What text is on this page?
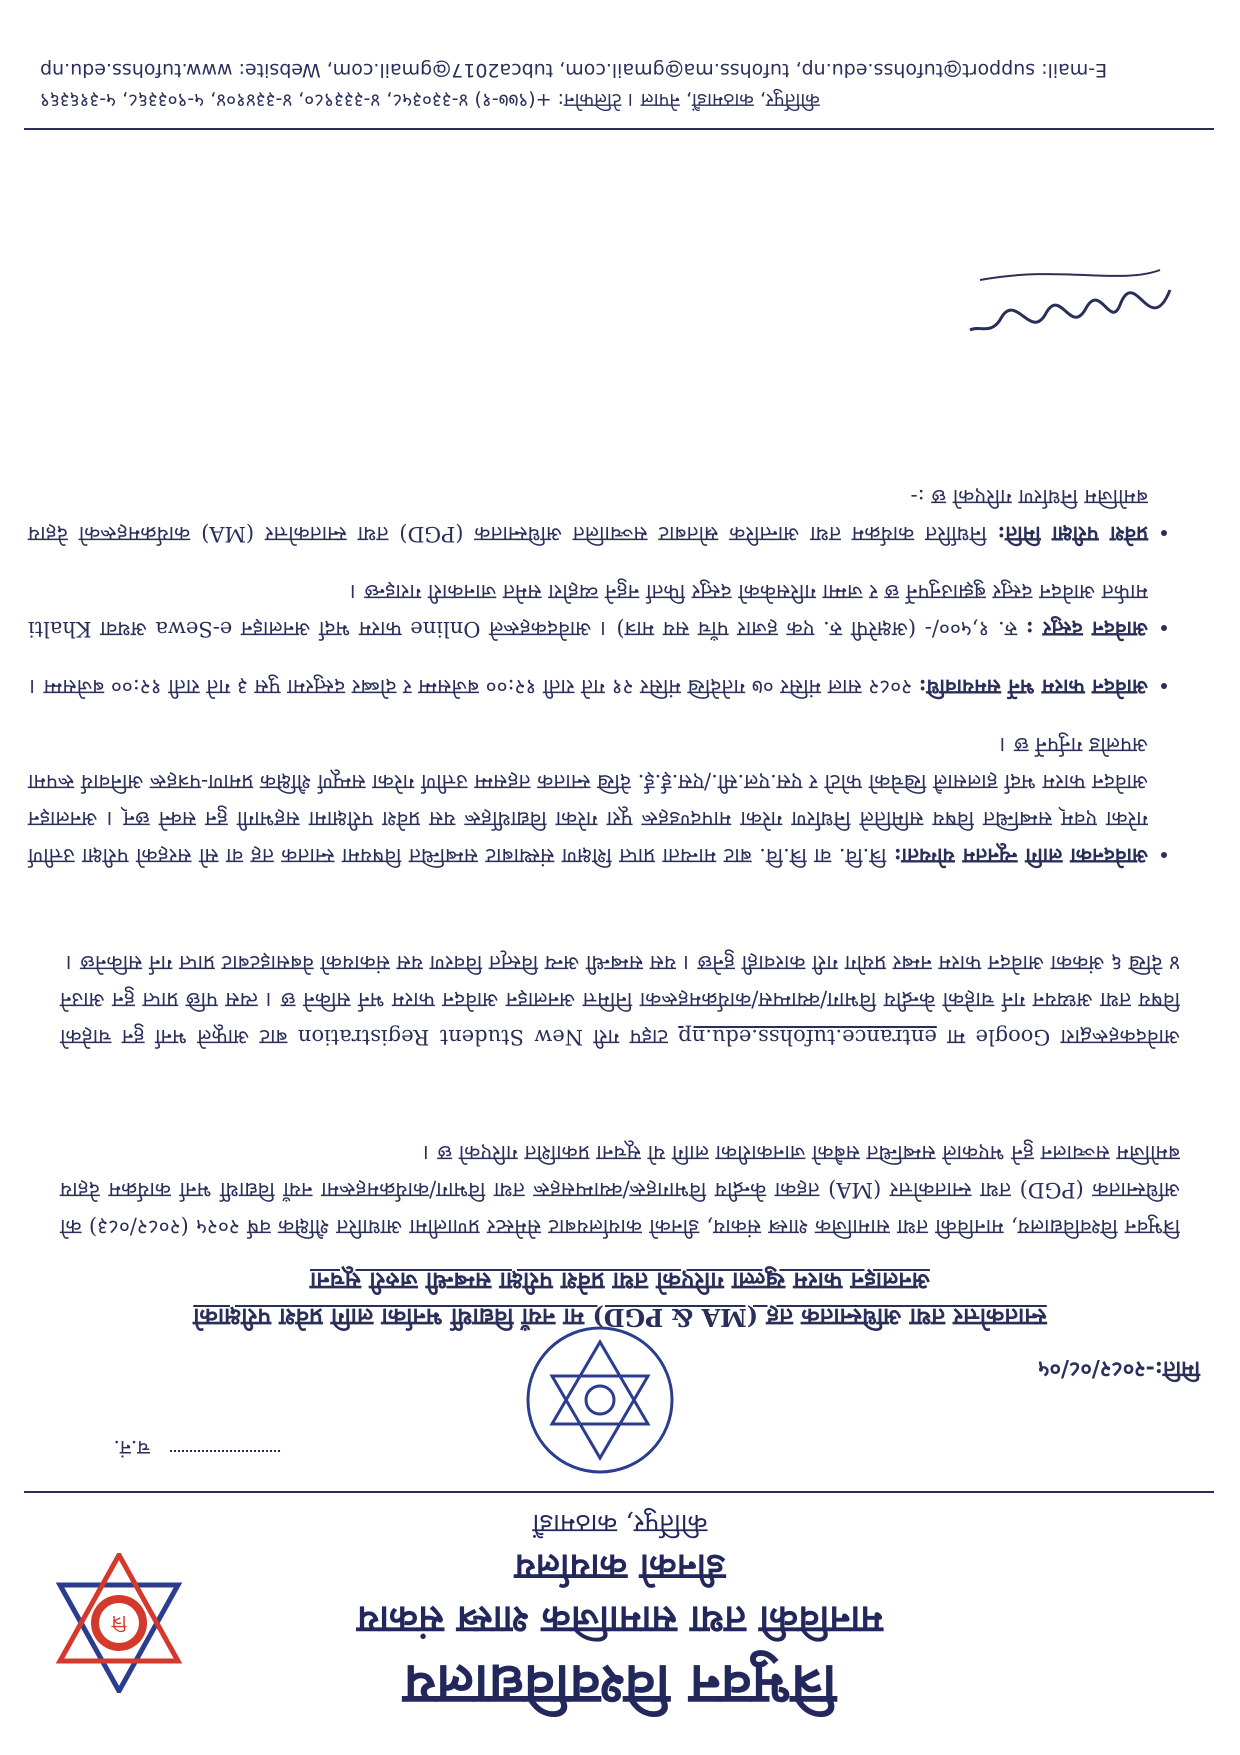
त्रि
त्रिभुवन विश्वविद्यालय
मानविकी तथा सामाजिक शास्त्र संकाय
डीनको कार्यालय
कीर्तिपुर, काठमाडौं
च.नं.
मिति:-२०८२/०८/०५
स्नातकोत्तर तथा अधिस्नातक तह (MA & PGD) मा नयाँ विद्यार्थी भर्नाका लागि प्रवेश परीक्षाको अनलाइन फारम खुल्ला गरिएको तथा प्रवेश परीक्षा सम्बन्धी जरुरी सूचना
त्रिभुवन विश्वविद्यालय, मानविकी तथा सामाजिक शास्त्र संकाय, डीनको कार्यालयबाट सेमेस्टर प्रणालीमा आधारित शैक्षिक वर्ष २०२५ (२०८२/०८३) को अधिस्नातक (PGD) तथा स्नातकोत्तर (MA) तहका केन्द्रीय विभागहरू/क्याम्पसहरू तथा विभाग/कार्यक्रमहरूमा नयाँ विद्यार्थी भर्ना कार्यक्रम देहाय बमोजिम सञ्चालन हुने भएकाले सम्बन्धित सबैको जानकारीका लागि यो सूचना प्रकाशित गरिएको छ ।
आवेदकहरूद्वारा Google मा entrance.tufohss.edu.np टाइप गरी New Student Registration बाट आफूले भर्ना हुन चाहेको विषय तथा अध्ययन गर्न चाहेको केन्द्रीय विभाग/क्याम्पस/कार्यक्रमहरूका निमित्त अनलाइन आवेदन फारम भर्न सकिने छ । त्यस पछि प्राप्त हुन आउने ४ देखि ६ अंकका आवेदन फारम नम्बर प्रयोग गरी कारवाही हुनेछ । यस सम्बन्धी अन्य विस्तृत विवरण यस संकायको वेबसाइटबाट प्राप्त गर्न सकिनेछ ।
• आवेदनका लागि न्यूनतम योग्यता: त्रि.वि. वा त्रि.वि. बाट मान्यता प्राप्त शिक्षण संस्थाबाट सम्बन्धित विषयमा स्नातक तह वा सो सरहको परीक्षा उत्तीर्ण गरेका एवम् सम्बन्धित विषय समितिले निर्धारण गरेका मापदण्डहरू पूरा गरेका विद्यार्थीहरू यस प्रवेश परीक्षामा सहभागी हुन सक्ने छन् । अनलाइन आवेदन फारम भर्दा हालसालै खिचेको फोटो र एस.एल.सी./एस.ई.ई. देखि स्नातक तहसम्म उत्तीर्ण गरेका सम्पूर्ण शैक्षिक प्रमाण-पत्रहरू अनिवार्य रूपमा अपलोड गर्नुपर्ने छ ।
• आवेदन फारम भर्ने समयावधि: २०८२ साल मंसिर ०७ गतेदेखि मंसिर २१ गते राती १२:०० बजेसम्म र दोब्बर दस्तुरमा पुस ३ गते राती १२:०० बजेसम्म ।
• आवेदन दस्तुर : रु. १,५००/- (अक्षरेपी रु. एक हजार पाँच सय मात्र) । आवेदकहरूले Online फारम भर्दा अनलाइन e-Sewa अथवा Khalti मार्फत आवेदन दस्तुर बुझाउनुपर्ने छ र जम्मा गरिसकेको दस्तुर फिर्ता नहुने व्यहोरा समेत जानकारी गराइन्छ ।
• प्रवेश परीक्षा मिति: निर्धारित कार्यक्रम तथा आन्तरिक स्रोतबाट सञ्चालित अधिस्नातक (PGD) तथा स्नातकोत्तर (MA) कार्यक्रमहरूको देहाय बमोजिम निर्धारण गरिएको छ :-
कीर्तिपुर, काठमाडौं, नेपाल । टेलिफोन: +(९७७-१) ४-३३०३५८, ४-३३३९८०, ४-३३४१०४, ५-९०३३६८, ५-३१६३६९
E-mail: support@tufohss.edu.np, tufohss.ma@gmail.com, tubca2017@gmail.com, Website: www.tufohss.edu.np
